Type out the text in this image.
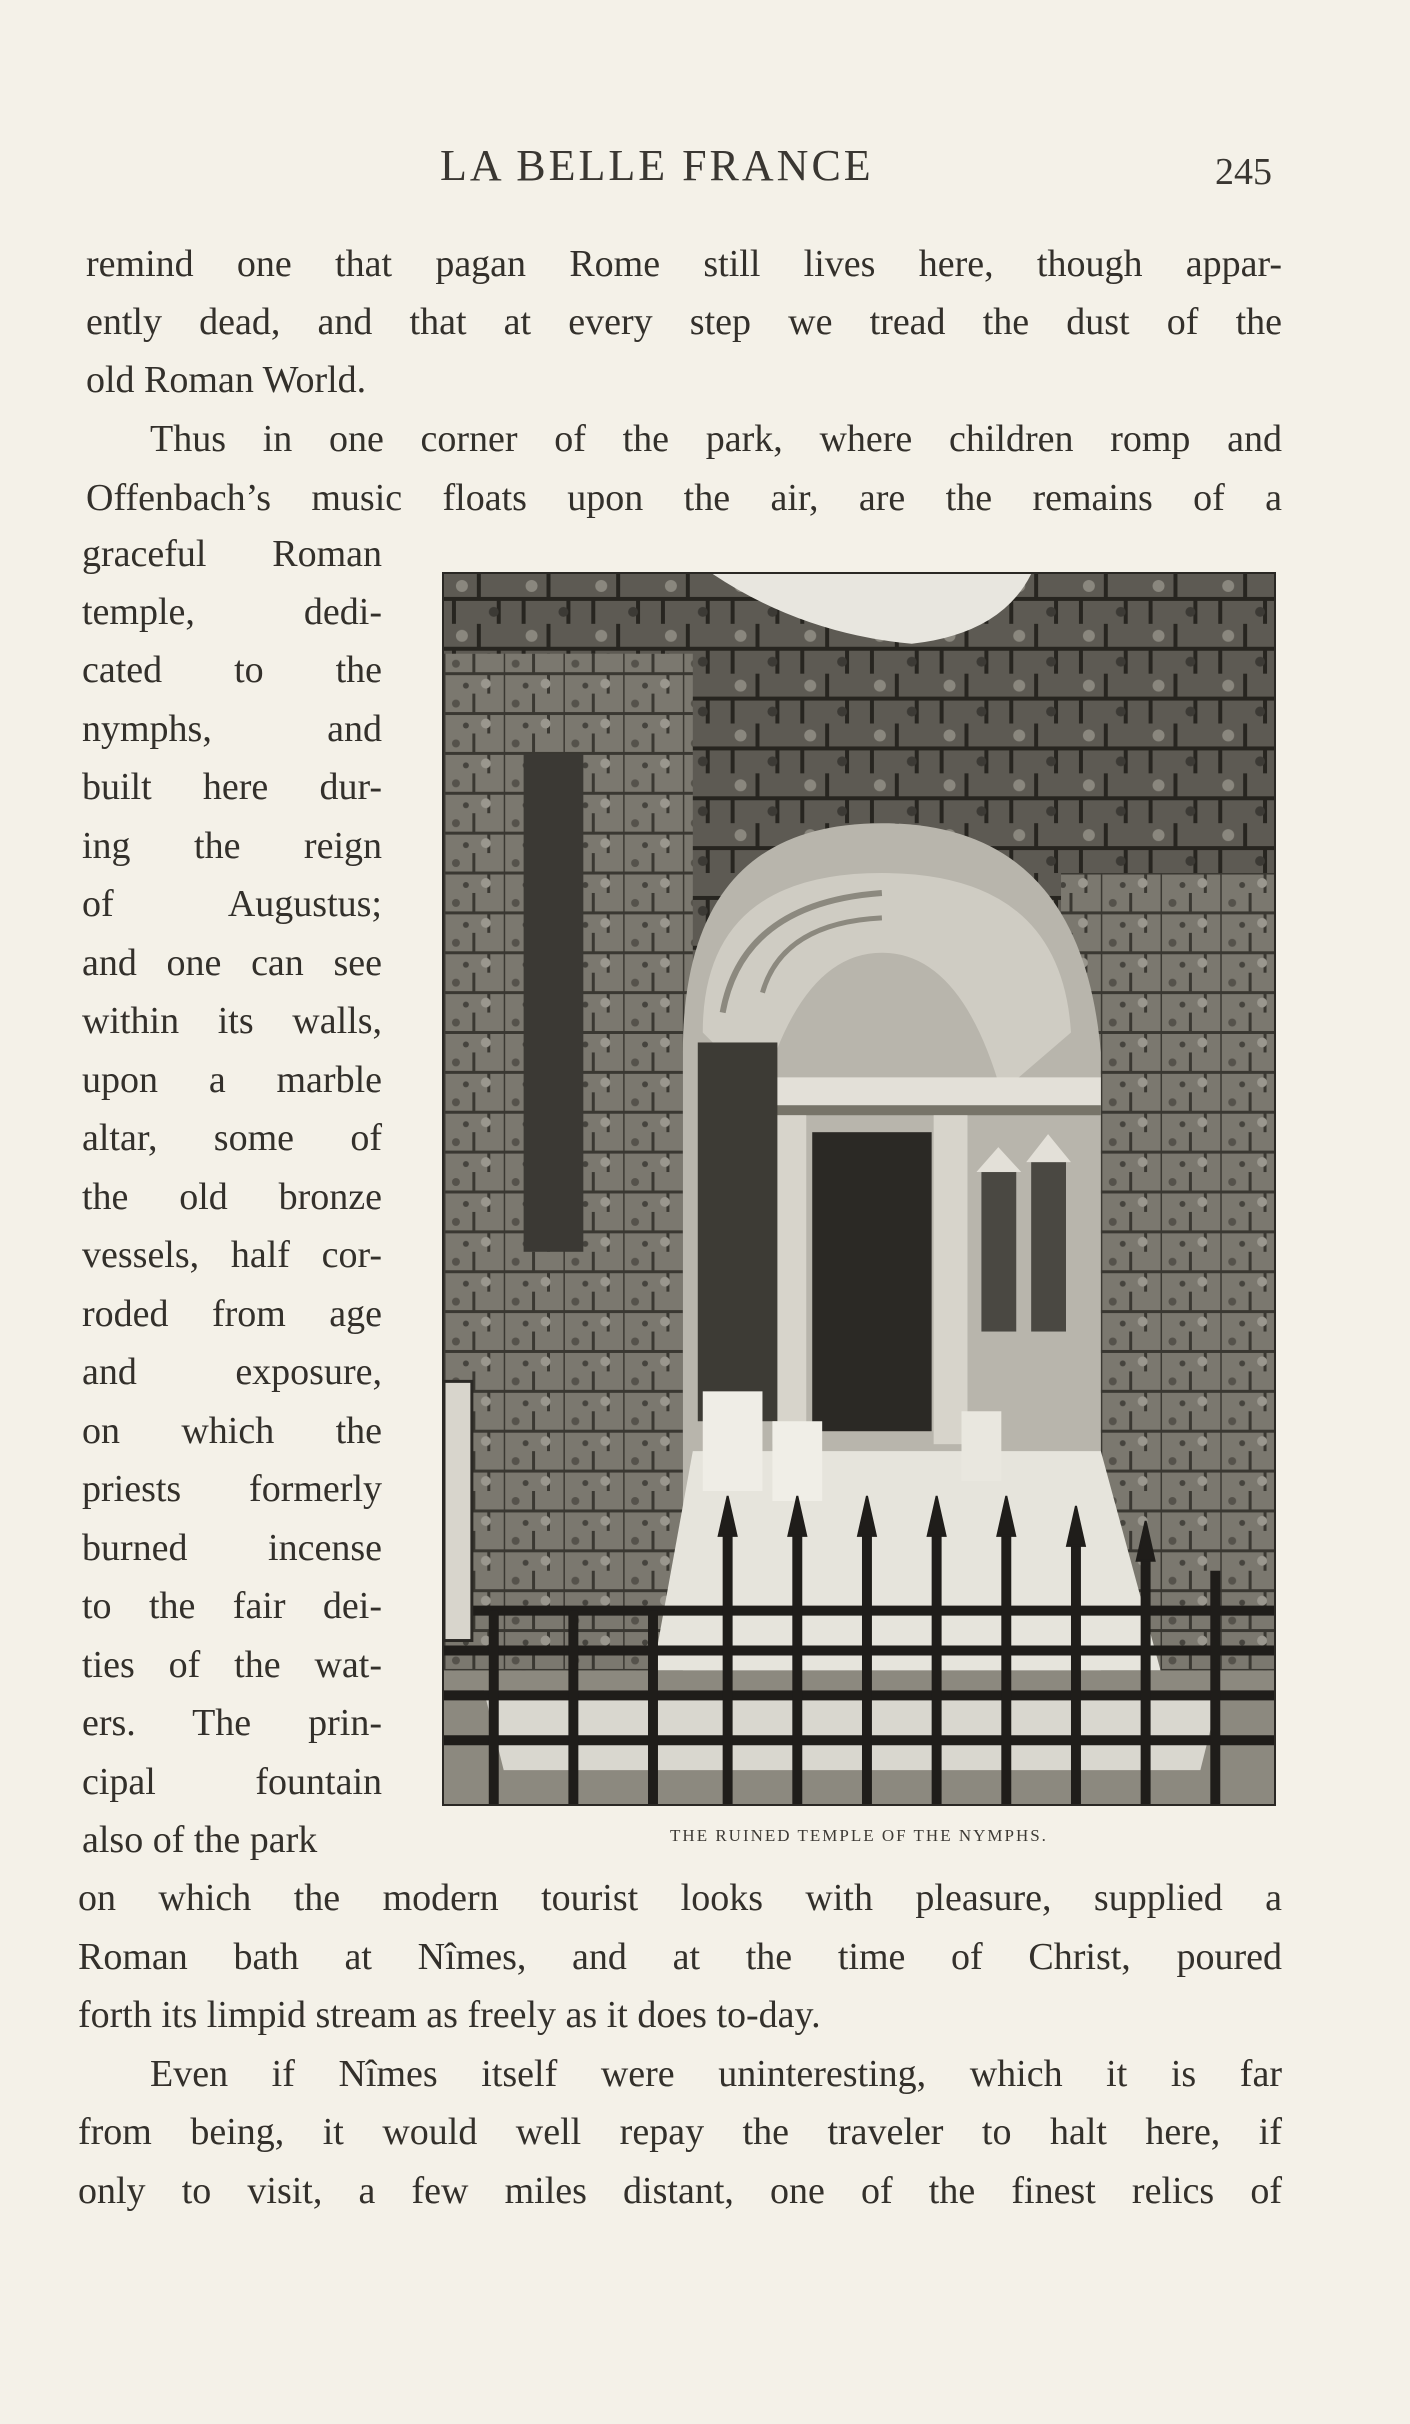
LA BELLE FRANCE	245
remind one that pagan Rome still lives here, though appar-
ently dead, and that at every step we tread the dust of the
old Roman World.
Thus in one corner of the park, where children romp and
Offenbach’s music floats upon the air, are the remains of a
graceful Roman
temple, dedi-
cated to the
nymphs, and
built here dur-
ing the reign
of Augustus;
and one can see
within its walls,
upon a marble
altar, some of
the old bronze
vessels, half cor-
roded from age
and exposure,
on which the
priests formerly
burned incense
to the fair dei-
ties of the wat-
ers. The prin-
cipal fountain
also of the park
on which the modern tourist looks with pleasure, supplied a
Roman bath at Nîmes, and at the time of Christ, poured
forth its limpid stream as freely as it does to-day.
Even if Nîmes itself were uninteresting, which it is far
from being, it would well repay the traveler to halt here, if
only to visit, a few miles distant, one of the finest relics of
THE RUINED TEMPLE OF THE NYMPHS.
